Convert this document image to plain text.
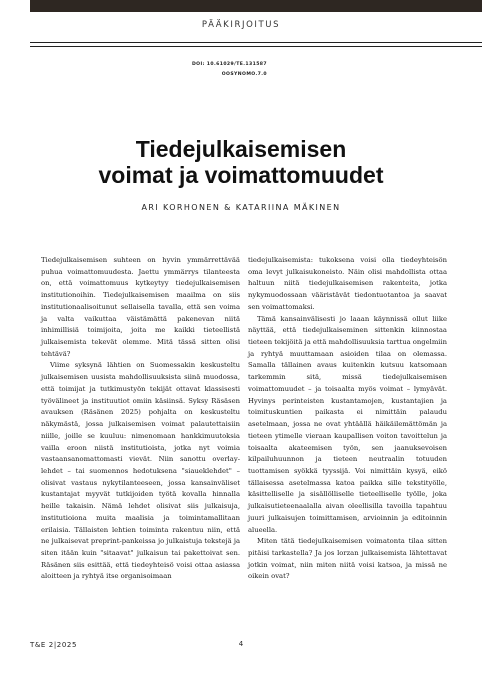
PÄÄKIRJOITUS
DOI: 10.61029/TE.131587
OOSYNOMO.7.0
Tiedejulkaisemisen
voimat ja voimattomuudet
ARI KORHONEN & KATARIINA MÄKINEN

Tiedejulkaisemisen suhteen on hyvin ymmärrettävää puhua voimattomuudesta. Jaettu ymmärrys tilanteesta on, että voimattomuus kytkeytyy tiedejulkaisemisen institutionoihin. Tiedejulkaisemisen maailma on siis institutionaalisoitunut sellaisella tavalla, että sen voima ja valta vaikuttaa väistämättä pakenevan niitä inhimillisiä toimijoita, joita me kaikki tieteellistä julkaisemista tekevät olemme. Mitä tässä sitten olisi tehtävä?

Viime syksynä lähtien on Suomessakin keskusteltu julkaisemisen uusista mahdollisuuksista siinä muodossa, että toimijat ja tutkimustyön tekijät ottavat klassisesti työvälineet ja instituutiot omiin käsiinsä. Syksy Räsäsen avauksen (Räsänen 2025) pohjalta on keskusteltu näkymästä, jossa julkaisemisen voimat palautettaisiin niille, joille se kuuluu: nimenomaan hankkimuutoksia vailla eroon niistä institutioista, jotka nyt voimia vastaansanomattomasti vievät. Niin sanottu overlay-lehdet – tai suomennos hedotuksena "siaueklehdet" – olisivat vastaus nykytilanteeseen, jossa kansainväliset kustantajat myyvät tutkijoiden työtä kovalla hinnalla heille takaisin. Nämä lehdet olisivat siis julkaisuja, institutioiona muita maalisia ja toimintamallitaan erilaisia. Tällaisten lehtien toiminta rakentuu niin, että ne julkaisevat preprint-pankeissa jo julkaistuja tekstejä ja siten itään kuin "sitaavat" julkaisun tai pakettoivat sen. Räsänen siis esittää, että tiedeyhteisö voisi ottaa asiassa aloitteen ja ryhtyä itse organisoimaan

tiedejulkaisemista: tukoksena voisi olla tiedeyhteisön oma levyt julkaisukoneisto. Näin olisi mahdollista ottaa haltuun niitä tiedejulkaisemisen rakenteita, jotka nykymuodossaan vääristävät tiedontuotantoa ja saavat sen voimattomaksi.

Tämä kansainvälisesti jo laaan käynnissä ollut liike näyttää, että tiedejulkaiseminen sittenkin kiinnostaa tieteen tekijöitä ja että mahdollisuuksia tarttua ongelmiin ja ryhtyä muuttamaan asioiden tilaa on olemassa. Samalla tällainen avaus kuitenkin kutsuu katsomaan tarkemmin sitä, missä tiedejulkaisemisen voimattomuudet – ja toisaalta myös voimat – lymyävät. Hyvinys perinteisten kustantamojen, kustantajien ja toimituskuntien paikasta ei nimittäin palaudu asetelmaan, jossa ne ovat yhtäällä häikäilemättömän ja tieteen ytimelle vieraan kaupallisen voiton tavoittelun ja toisaalta akateemisen työn, sen jaanuksevoisen kilpailuhuunnon ja tieteen neutraalin totuuden tuottamisen syökkä tyyssijä. Voi nimittäin kysyä, eikö tällaisessa asetelmassa katoa paikka sille tekstityölle, käsittelliselle ja sisällölliselle tieteelliselle työlle, joka julkaisutieteenaalalla aivan oleellisilla tavoilla tapahtuu juuri julkaisujen toimittamisen, arvioinnin ja editoinnin alueella.

Miten tätä tiedejulkaisemisen voimatonta tilaa sitten pitäisi tarkastella? Ja jos lorzan julkaisemista lähtettavat jotkin voimat, niin miten niitä voisi katsoa, ja missä ne oikein ovat?

T&E 2|2025	4
